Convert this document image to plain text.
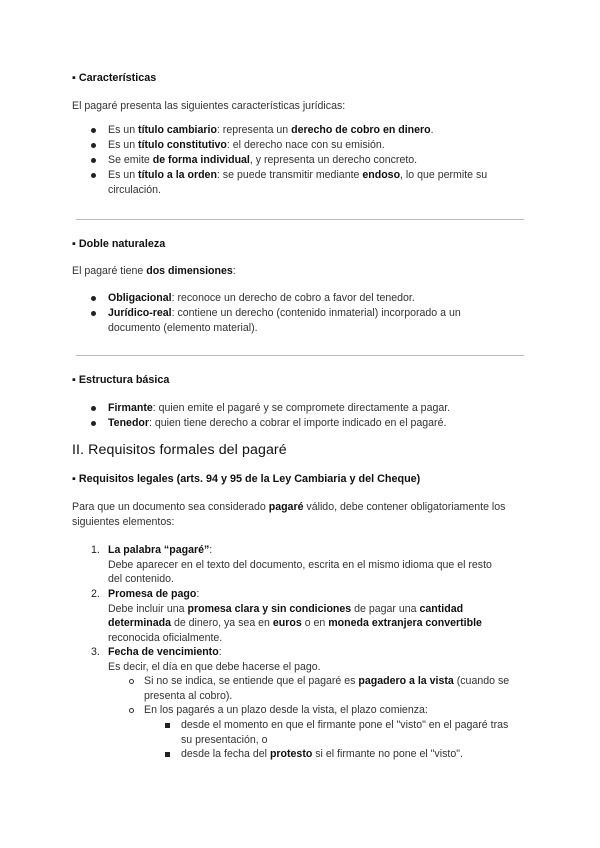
▪ Características
El pagaré presenta las siguientes características jurídicas:
Es un título cambiario: representa un derecho de cobro en dinero.
Es un título constitutivo: el derecho nace con su emisión.
Se emite de forma individual, y representa un derecho concreto.
Es un título a la orden: se puede transmitir mediante endoso, lo que permite su
circulación.
▪ Doble naturaleza
El pagaré tiene dos dimensiones:
Obligacional: reconoce un derecho de cobro a favor del tenedor.
Jurídico-real: contiene un derecho (contenido inmaterial) incorporado a un
documento (elemento material).
▪ Estructura básica
Firmante: quien emite el pagaré y se compromete directamente a pagar.
Tenedor: quien tiene derecho a cobrar el importe indicado en el pagaré.
II. Requisitos formales del pagaré
▪ Requisitos legales (arts. 94 y 95 de la Ley Cambiaria y del Cheque)
Para que un documento sea considerado pagaré válido, debe contener obligatoriamente los
siguientes elementos:
1. La palabra “pagaré”:
Debe aparecer en el texto del documento, escrita en el mismo idioma que el resto
del contenido.
2. Promesa de pago:
Debe incluir una promesa clara y sin condiciones de pagar una cantidad
determinada de dinero, ya sea en euros o en moneda extranjera convertible
reconocida oficialmente.
3. Fecha de vencimiento:
Es decir, el día en que debe hacerse el pago.
Si no se indica, se entiende que el pagaré es pagadero a la vista (cuando se
presenta al cobro).
En los pagarés a un plazo desde la vista, el plazo comienza:
desde el momento en que el firmante pone el "visto" en el pagaré tras
su presentación, o
desde la fecha del protesto si el firmante no pone el "visto".
